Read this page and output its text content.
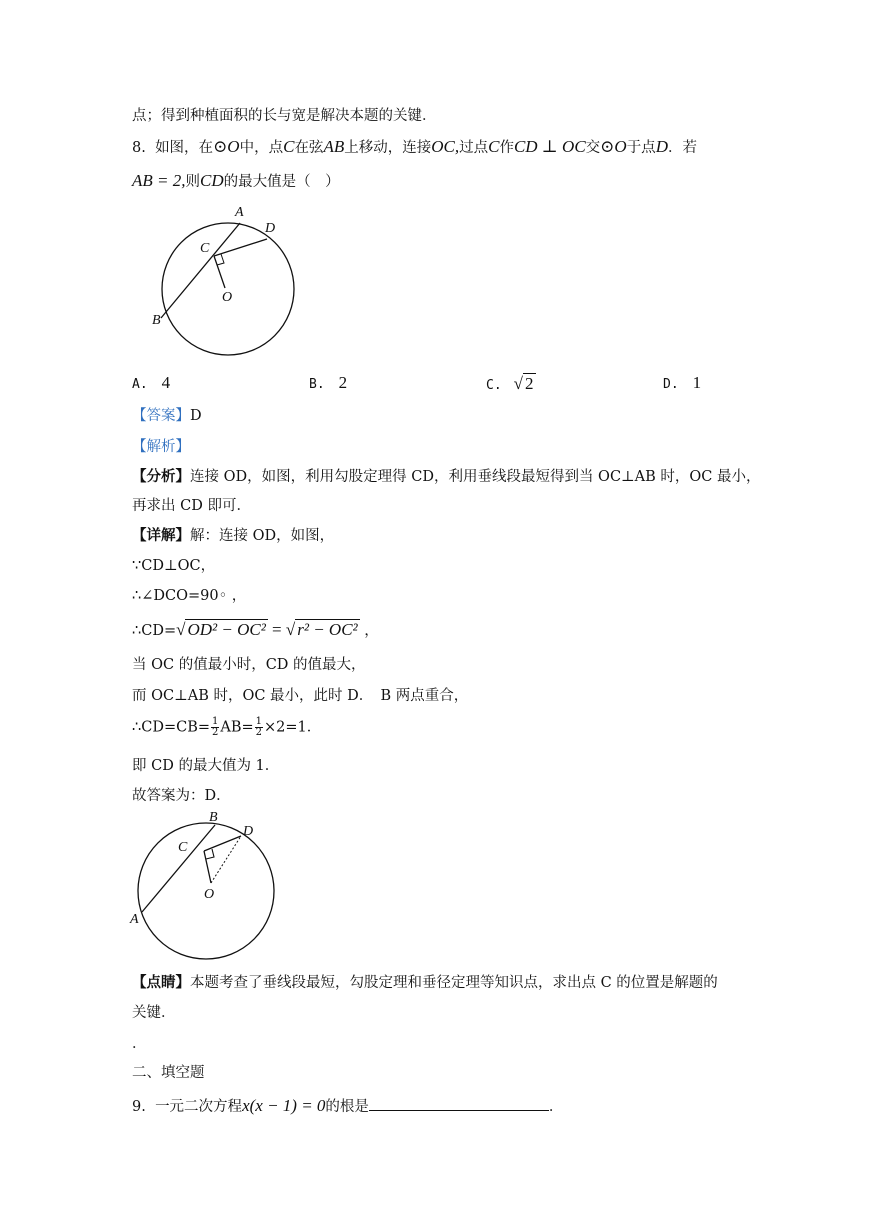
点；得到种植面积的长与宽是解决本题的关键．
8. 如图，在⊙O中，点C在弦AB上移动，连接OC,过点C作CD ⊥ OC交⊙O于点D．若
AB = 2,则CD的最大值是（　）
A
D
C
O
B
A. 4	B. 2	C. √ 2	D. 1
【答案】D
【解析】
【分析】连接 OD，如图，利用勾股定理得 CD，利用垂线段最短得到当 OC⊥AB 时，OC 最小，
再求出 CD 即可．
【详解】解：连接 OD，如图，
∵CD⊥OC，
∴∠DCO=90◦ ，
∴CD=√ OD² − OC² = √ r² − OC² ，
当 OC 的值最小时，CD 的值最大，
而 OC⊥AB 时，OC 最小，此时 D．　B 两点重合，
∴CD=CB= $\frac{1}{2} AB= \frac{1}{2} \times 2=1$．
即 CD 的最大值为 1．
故答案为：D．
B
D
C
O
A
【点睛】本题考查了垂线段最短，勾股定理和垂径定理等知识点，求出点 C 的位置是解题的
关键．
．
二、填空题
9. 一元二次方程x(x − 1) = 0的根是	．
